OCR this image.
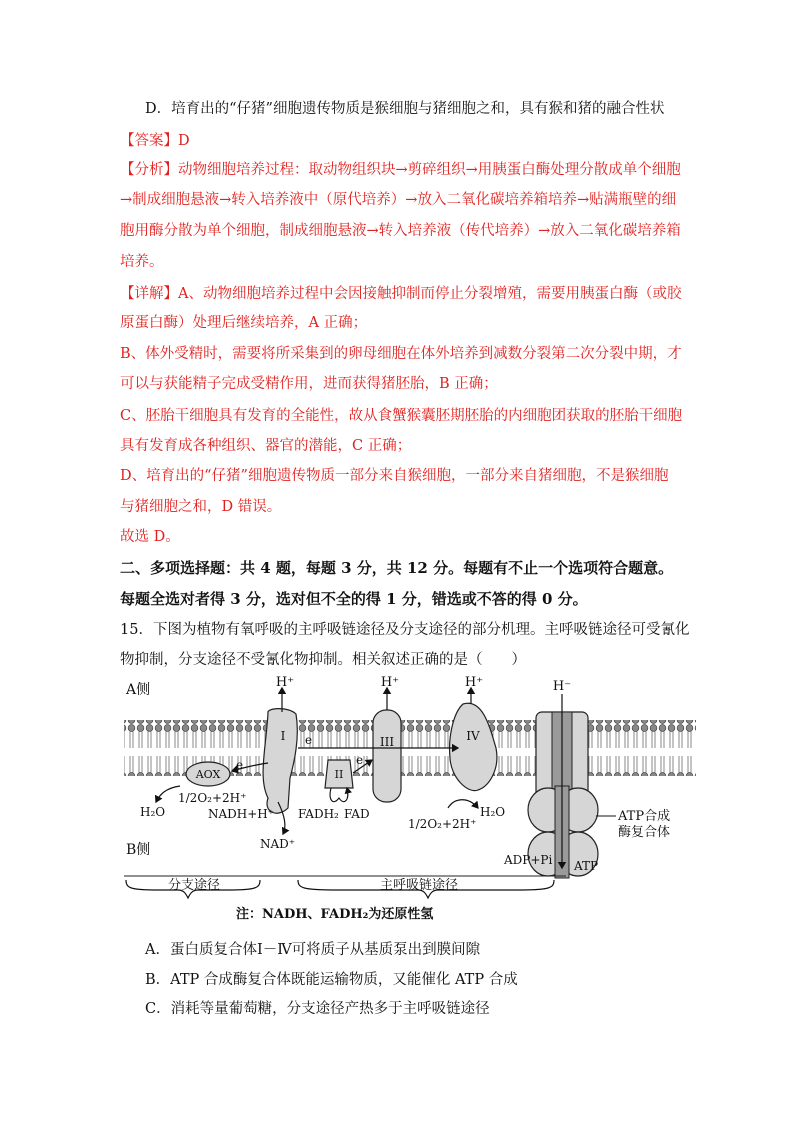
D．培育出的“仔猪”细胞遗传物质是猴细胞与猪细胞之和，具有猴和猪的融合性状
【答案】D
【分析】动物细胞培养过程：取动物组织块→剪碎组织→用胰蛋白酶处理分散成单个细胞
→制成细胞悬液→转入培养液中（原代培养）→放入二氧化碳培养箱培养→贴满瓶壁的细
胞用酶分散为单个细胞，制成细胞悬液→转入培养液（传代培养）→放入二氧化碳培养箱
培养。
【详解】A、动物细胞培养过程中会因接触抑制而停止分裂增殖，需要用胰蛋白酶（或胶
原蛋白酶）处理后继续培养，A 正确；
B、体外受精时，需要将所采集到的卵母细胞在体外培养到减数分裂第二次分裂中期，才
可以与获能精子完成受精作用，进而获得猪胚胎，B 正确；
C、胚胎干细胞具有发育的全能性，故从食蟹猴囊胚期胚胎的内细胞团获取的胚胎干细胞
具有发育成各种组织、器官的潜能，C 正确；
D、培育出的“仔猪”细胞遗传物质一部分来自猴细胞，一部分来自猪细胞，不是猴细胞
与猪细胞之和，D 错误。
故选 D。
二、多项选择题：共 4 题，每题 3 分，共 12 分。每题有不止一个选项符合题意。
每题全选对者得 3 分，选对但不全的得 1 分，错选或不答的得 0 分。
15．下图为植物有氧呼吸的主呼吸链途径及分支途径的部分机理。主呼吸链途径可受氰化
物抑制，分支途径不受氰化物抑制。相关叙述正确的是（　　）
A侧
B侧
I
H⁺
II
III
H⁺
IV
H⁺	H⁻
ATP合成
酶复合体
AOX
e
e	e
1/2O₂+2H⁺
H₂O	NADH+H⁺
NAD⁺
FADH₂ FAD
1/2O₂+2H⁺
H₂O
ADP+Pi ATP
分支途径	主呼吸链途径
注：NADH、FADH₂为还原性氢
A．蛋白质复合体Ⅰ－Ⅳ可将质子从基质泵出到膜间隙
B．ATP 合成酶复合体既能运输物质，又能催化 ATP 合成
C．消耗等量葡萄糖，分支途径产热多于主呼吸链途径
